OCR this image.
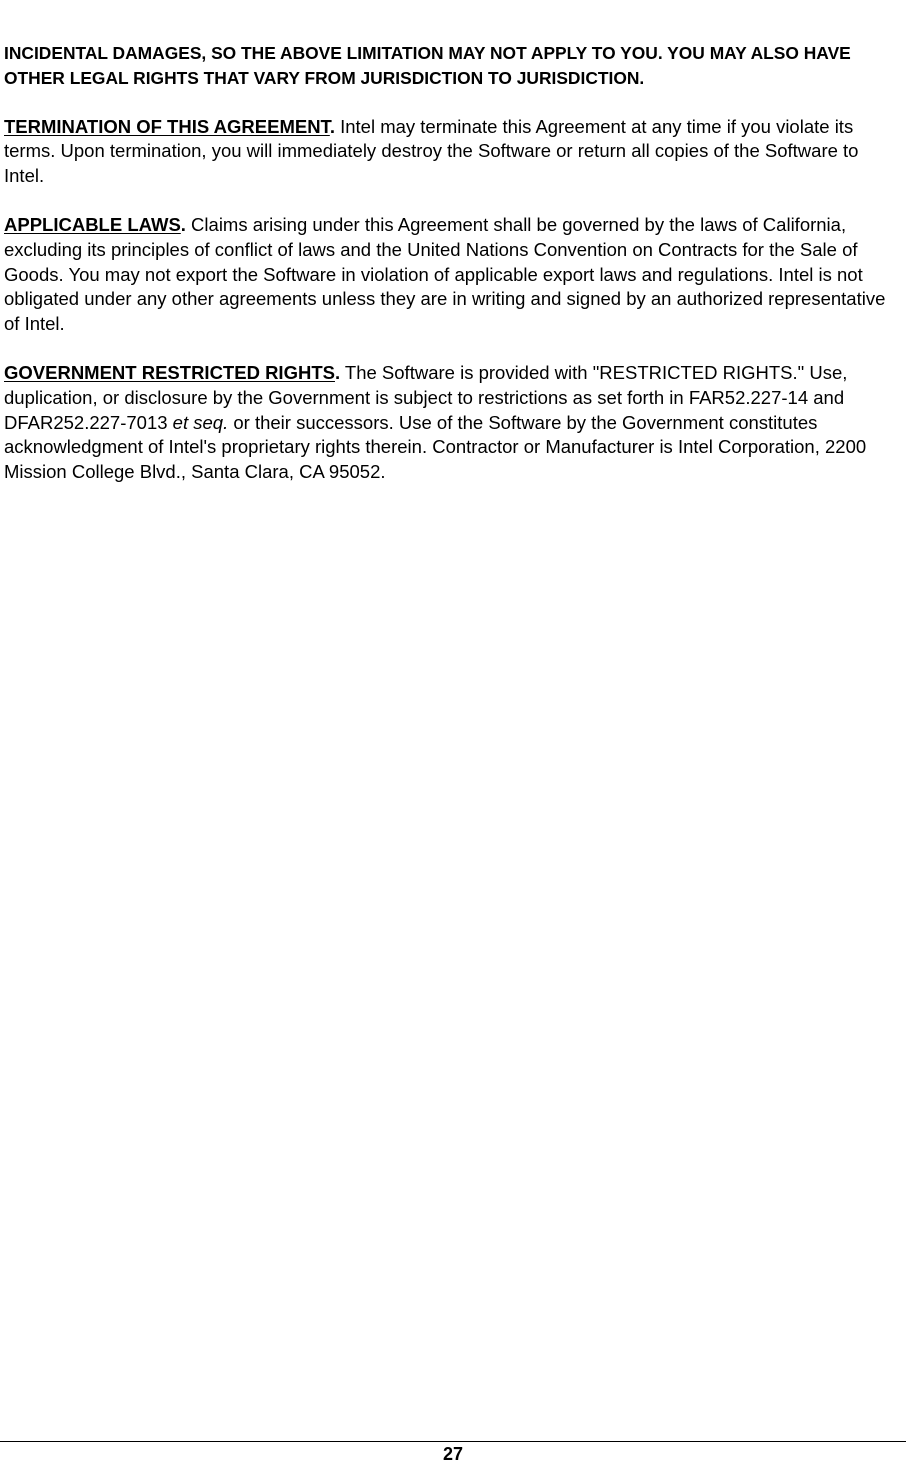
INCIDENTAL DAMAGES, SO THE ABOVE LIMITATION MAY NOT APPLY TO YOU. YOU MAY ALSO HAVE OTHER LEGAL RIGHTS THAT VARY FROM JURISDICTION TO JURISDICTION.

TERMINATION OF THIS AGREEMENT. Intel may terminate this Agreement at any time if you violate its terms. Upon termination, you will immediately destroy the Software or return all copies of the Software to Intel.

APPLICABLE LAWS. Claims arising under this Agreement shall be governed by the laws of California, excluding its principles of conflict of laws and the United Nations Convention on Contracts for the Sale of Goods. You may not export the Software in violation of applicable export laws and regulations. Intel is not obligated under any other agreements unless they are in writing and signed by an authorized representative of Intel.

GOVERNMENT RESTRICTED RIGHTS. The Software is provided with "RESTRICTED RIGHTS." Use, duplication, or disclosure by the Government is subject to restrictions as set forth in FAR52.227-14 and DFAR252.227-7013 et seq. or their successors. Use of the Software by the Government constitutes acknowledgment of Intel's proprietary rights therein. Contractor or Manufacturer is Intel Corporation, 2200 Mission College Blvd., Santa Clara, CA 95052.

27
